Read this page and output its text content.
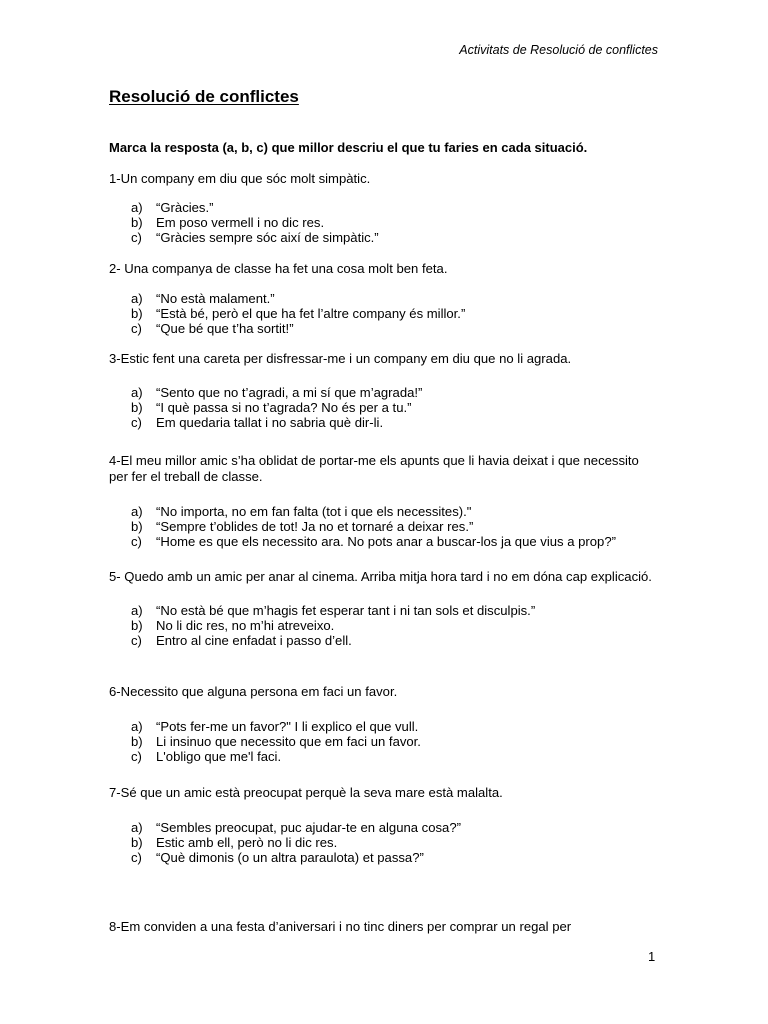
Activitats de Resolució de conflictes
Resolució de conflictes
Marca la resposta (a, b, c) que millor descriu el que tu faries en cada situació.

1-Un company em diu que sóc molt simpàtic.

a) “Gràcies.”
b) Em poso vermell i no dic res.
c) “Gràcies sempre sóc així de simpàtic.”

2- Una companya de classe ha fet una cosa molt ben feta.

a) “No està malament.”
b) “Està bé, però el que ha fet l’altre company és millor.”
c) “Que bé que t’ha sortit!”

3-Estic fent una careta per disfressar-me i un company em diu que no li agrada.

a) “Sento que no t’agradi, a mi sí que m’agrada!”
b) “I què passa si no t’agrada? No és per a tu.”
c) Em quedaria tallat i no sabria què dir-li.

4-El meu millor amic s’ha oblidat de portar-me els apunts que li havia deixat i que necessito per fer el treball de classe.

a) “No importa, no em fan falta (tot i que els necessites)."
b) “Sempre t’oblides de tot! Ja no et tornaré a deixar res.”
c) “Home es que els necessito ara. No pots anar a buscar-los ja que vius a prop?”

5- Quedo amb un amic per anar al cinema. Arriba mitja hora tard i no em dóna cap explicació.

a) “No està bé que m’hagis fet esperar tant i ni tan sols et disculpis.”
b) No li dic res, no m’hi atreveixo.
c) Entro al cine enfadat i passo d’ell.

6-Necessito que alguna persona em faci un favor.

a) “Pots fer-me un favor?" I li explico el que vull.
b) Li insinuo que necessito que em faci un favor.
c) L'obligo que me'l faci.

7-Sé que un amic està preocupat perquè la seva mare està malalta.

a) “Sembles preocupat, puc ajudar-te en alguna cosa?”
b) Estic amb ell, però no li dic res.
c) “Què dimonis (o un altra paraulota) et passa?”

8-Em conviden a una festa d’aniversari i no tinc diners per comprar un regal per

1
